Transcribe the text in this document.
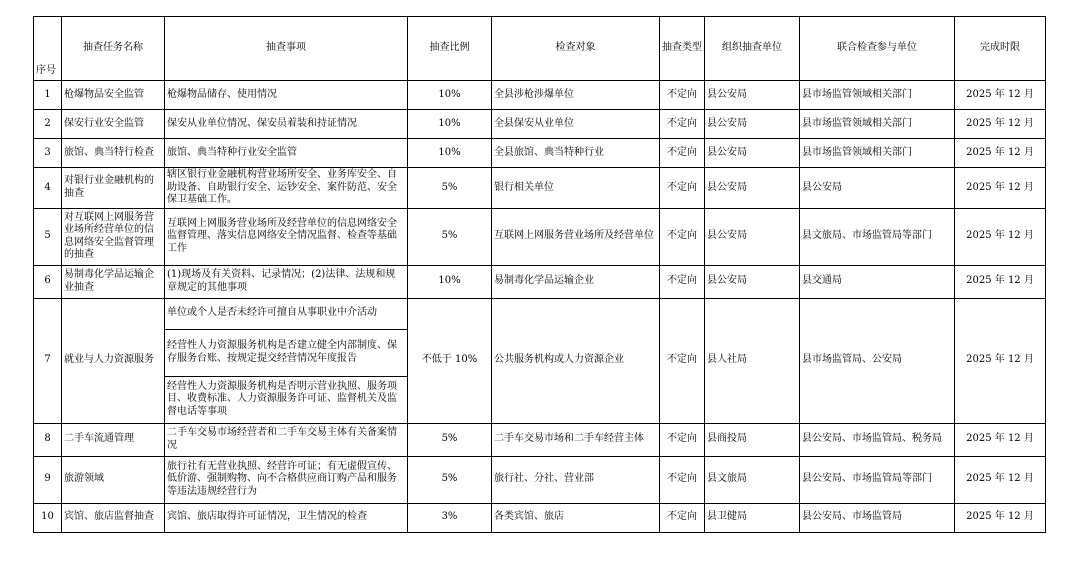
序号	抽查任务名称	抽查事项	抽查比例	检查对象	抽查类型	组织抽查单位	联合检查参与单位	完成时限
1	枪爆物品安全监管	枪爆物品储存、使用情况	10%	全县涉枪涉爆单位	不定向	县公安局	县市场监管领域相关部门	2025 年 12 月
2	保安行业安全监管	保安从业单位情况、保安员着装和持证情况	10%	全县保安从业单位	不定向	县公安局	县市场监管领域相关部门	2025 年 12 月
3	旅馆、典当特行检查	旅馆、典当特种行业安全监管	10%	全县旅馆、典当特种行业	不定向	县公安局	县市场监管领域相关部门	2025 年 12 月
4	对银行业金融机构的抽查	辖区银行业金融机构营业场所安全、业务库安全、自助设备、自助银行安全、运钞安全、案件防范、安全保卫基础工作。	5%	银行相关单位	不定向	县公安局	县公安局	2025 年 12 月
5	对互联网上网服务营业场所经营单位的信息网络安全监督管理的抽查	互联网上网服务营业场所及经营单位的信息网络安全监督管理、落实信息网络安全情况监督、检查等基础工作	5%	互联网上网服务营业场所及经营单位	不定向	县公安局	县文旅局、市场监管局等部门	2025 年 12 月
6	易制毒化学品运输企业抽查	(1)现场及有关资料、记录情况；(2)法律、法规和规章规定的其他事项	10%	易制毒化学品运输企业	不定向	县公安局	县交通局	2025 年 12 月
7	就业与人力资源服务	单位或个人是否未经许可擅自从事职业中介活动	不低于 10%	公共服务机构或人力资源企业	不定向	县人社局	县市场监管局、公安局	2025 年 12 月
		经营性人力资源服务机构是否建立健全内部制度、保存服务台账、按规定提交经营情况年度报告						
		经营性人力资源服务机构是否明示营业执照、服务项目、收费标准、人力资源服务许可证、监督机关及监督电话等事项						
8	二手车流通管理	二手车交易市场经营者和二手车交易主体有关备案情况	5%	二手车交易市场和二手车经营主体	不定向	县商投局	县公安局、市场监管局、税务局	2025 年 12 月
9	旅游领域	旅行社有无营业执照、经营许可证；有无虚假宣传、低价游、强制购物、向不合格供应商订购产品和服务等违法违规经营行为	5%	旅行社、分社、营业部	不定向	县文旅局	县公安局、市场监管局等部门	2025 年 12 月
10	宾馆、旅店监督抽查	宾馆、旅店取得许可证情况，卫生情况的检查	3%	各类宾馆、旅店	不定向	县卫健局	县公安局、市场监管局	2025 年 12 月
